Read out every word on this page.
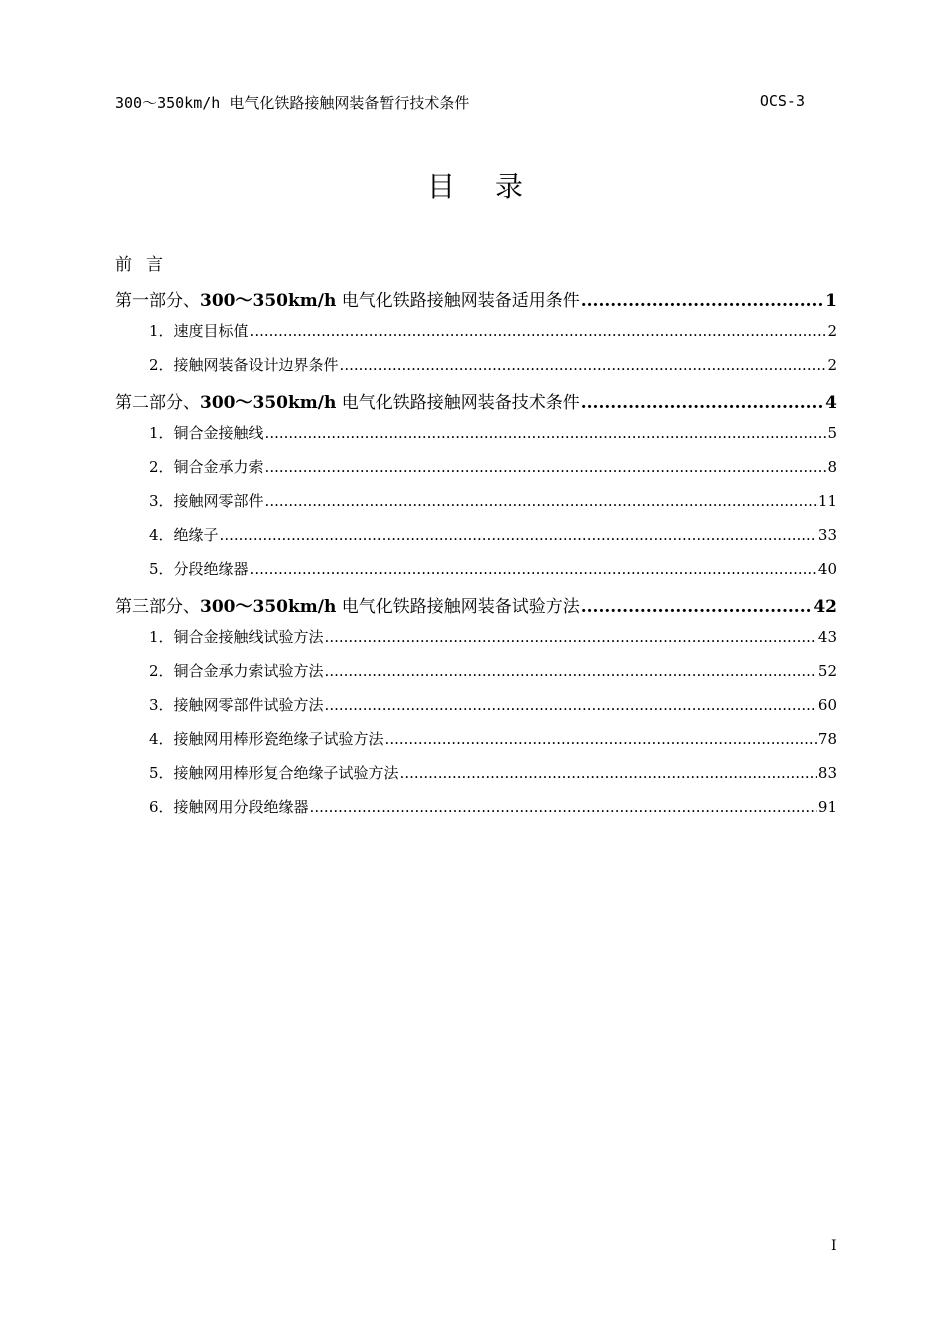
300～350km/h 电气化铁路接触网装备暂行技术条件	OCS-3
目录
前言
第一部分、300～350km/h 电气化铁路接触网装备适用条件 .....	1
1．速度目标值 .....	2
2．接触网装备设计边界条件 .....	2
第二部分、300～350km/h 电气化铁路接触网装备技术条件 .....	4
1．铜合金接触线 .....	5
2．铜合金承力索 .....	8
3．接触网零部件 .....	11
4．绝缘子 .....	33
5．分段绝缘器 .....	40
第三部分、300～350km/h 电气化铁路接触网装备试验方法 .....	42
1．铜合金接触线试验方法 .....	43
2．铜合金承力索试验方法 .....	52
3．接触网零部件试验方法 .....	60
4．接触网用棒形瓷绝缘子试验方法 .....	78
5．接触网用棒形复合绝缘子试验方法 .....	83
6．接触网用分段绝缘器 .....	91
I
